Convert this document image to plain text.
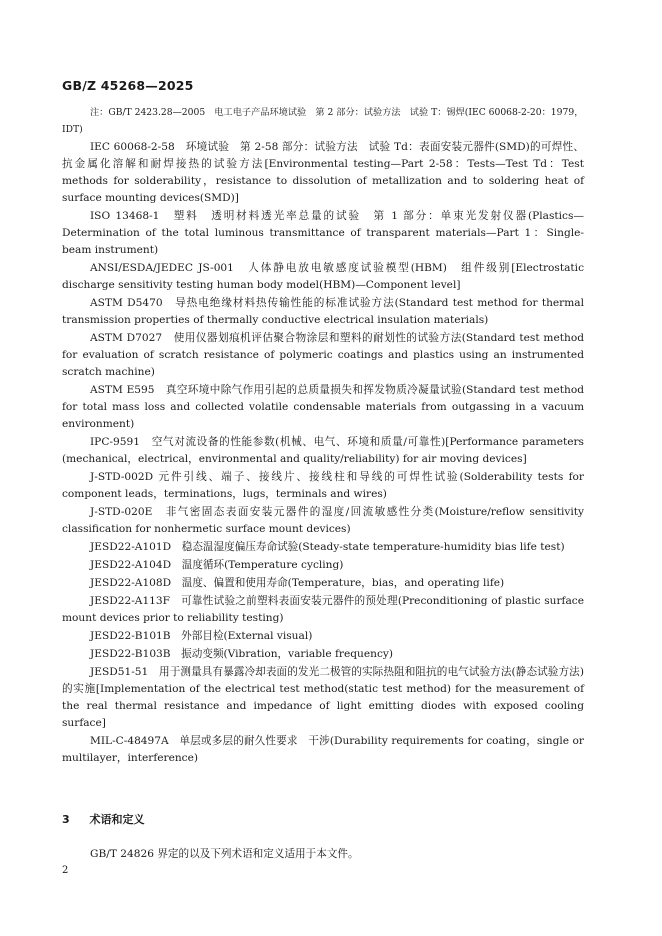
GB/Z 45268—2025

注：GB/T 2423.28—2005　电工电子产品环境试验　第 2 部分：试验方法　试验 T：锡焊(IEC 60068-2-20：1979，IDT)

IEC 60068-2-58　环境试验　第 2-58 部分：试验方法　试验 Td：表面安装元器件(SMD)的可焊性、抗金属化溶解和耐焊接热的试验方法[Environmental testing—Part 2-58：Tests—Test Td：Test methods for solderability，resistance to dissolution of metallization and to soldering heat of surface mounting devices(SMD)]

ISO 13468-1　塑料　透明材料透光率总量的试验　第 1 部分：单束光发射仪器(Plastics—Determination of the total luminous transmittance of transparent materials—Part 1：Single-beam instrument)

ANSI/ESDA/JEDEC JS-001　人体静电放电敏感度试验模型(HBM)　组件级别[Electrostatic discharge sensitivity testing human body model(HBM)—Component level]

ASTM D5470　导热电绝缘材料热传输性能的标准试验方法(Standard test method for thermal transmission properties of thermally conductive electrical insulation materials)

ASTM D7027　使用仪器划痕机评估聚合物涂层和塑料的耐划性的试验方法(Standard test method for evaluation of scratch resistance of polymeric coatings and plastics using an instrumented scratch machine)

ASTM E595　真空环境中除气作用引起的总质量损失和挥发物质冷凝量试验(Standard test method for total mass loss and collected volatile condensable materials from outgassing in a vacuum environment)

IPC-9591　空气对流设备的性能参数(机械、电气、环境和质量/可靠性)[Performance parameters (mechanical，electrical，environmental and quality/reliability) for air moving devices]

J-STD-002D 元件引线、端子、接线片、接线柱和导线的可焊性试验(Solderability tests for component leads，terminations，lugs，terminals and wires)

J-STD-020E　非气密固态表面安装元器件的湿度/回流敏感性分类(Moisture/reflow sensitivity classification for nonhermetic surface mount devices)

JESD22-A101D　稳态温湿度偏压寿命试验(Steady-state temperature-humidity bias life test)

JESD22-A104D　温度循环(Temperature cycling)

JESD22-A108D　温度、偏置和使用寿命(Temperature，bias，and operating life)

JESD22-A113F　可靠性试验之前塑料表面安装元器件的预处理(Preconditioning of plastic surface mount devices prior to reliability testing)

JESD22-B101B　外部目检(External visual)

JESD22-B103B　振动变频(Vibration，variable frequency)

JESD51-51　用于测量具有暴露冷却表面的发光二极管的实际热阻和阻抗的电气试验方法(静态试验方法)的实施[Implementation of the electrical test method(static test method) for the measurement of the real thermal resistance and impedance of light emitting diodes with exposed cooling surface]

MIL-C-48497A　单层或多层的耐久性要求　干涉(Durability requirements for coating，single or multilayer，interference)

3 术语和定义
GB/T 24826 界定的以及下列术语和定义适用于本文件。
2
